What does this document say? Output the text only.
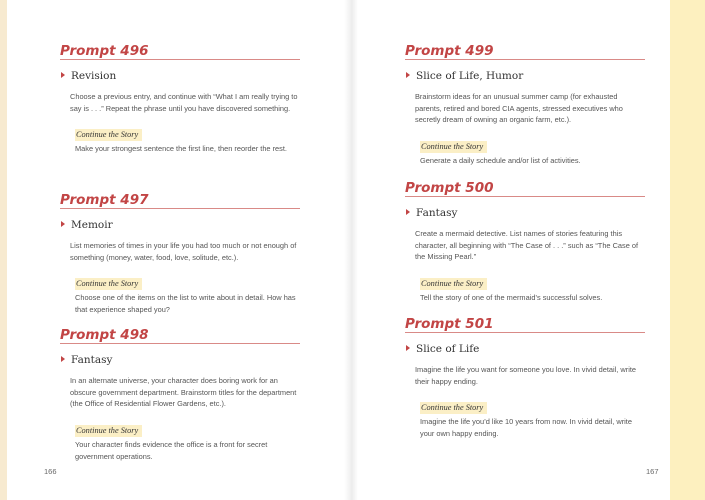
Prompt 496
Revision
Choose a previous entry, and continue with “What I am really trying to say is . . .” Repeat the phrase until you have discovered something.
Continue the Story
Make your strongest sentence the first line, then reorder the rest.
Prompt 497
Memoir
List memories of times in your life you had too much or not enough of something (money, water, food, love, solitude, etc.).
Continue the Story
Choose one of the items on the list to write about in detail. How has that experience shaped you?
Prompt 498
Fantasy
In an alternate universe, your character does boring work for an obscure government department. Brainstorm titles for the department (the Office of Residential Flower Gardens, etc.).
Continue the Story
Your character finds evidence the office is a front for secret government operations.
166
Prompt 499
Slice of Life, Humor
Brainstorm ideas for an unusual summer camp (for exhausted parents, retired and bored CIA agents, stressed executives who secretly dream of owning an organic farm, etc.).
Continue the Story
Generate a daily schedule and/or list of activities.
Prompt 500
Fantasy
Create a mermaid detective. List names of stories featuring this character, all beginning with “The Case of . . .” such as “The Case of the Missing Pearl.”
Continue the Story
Tell the story of one of the mermaid’s successful solves.
Prompt 501
Slice of Life
Imagine the life you want for someone you love. In vivid detail, write their happy ending.
Continue the Story
Imagine the life you’d like 10 years from now. In vivid detail, write your own happy ending.
167
